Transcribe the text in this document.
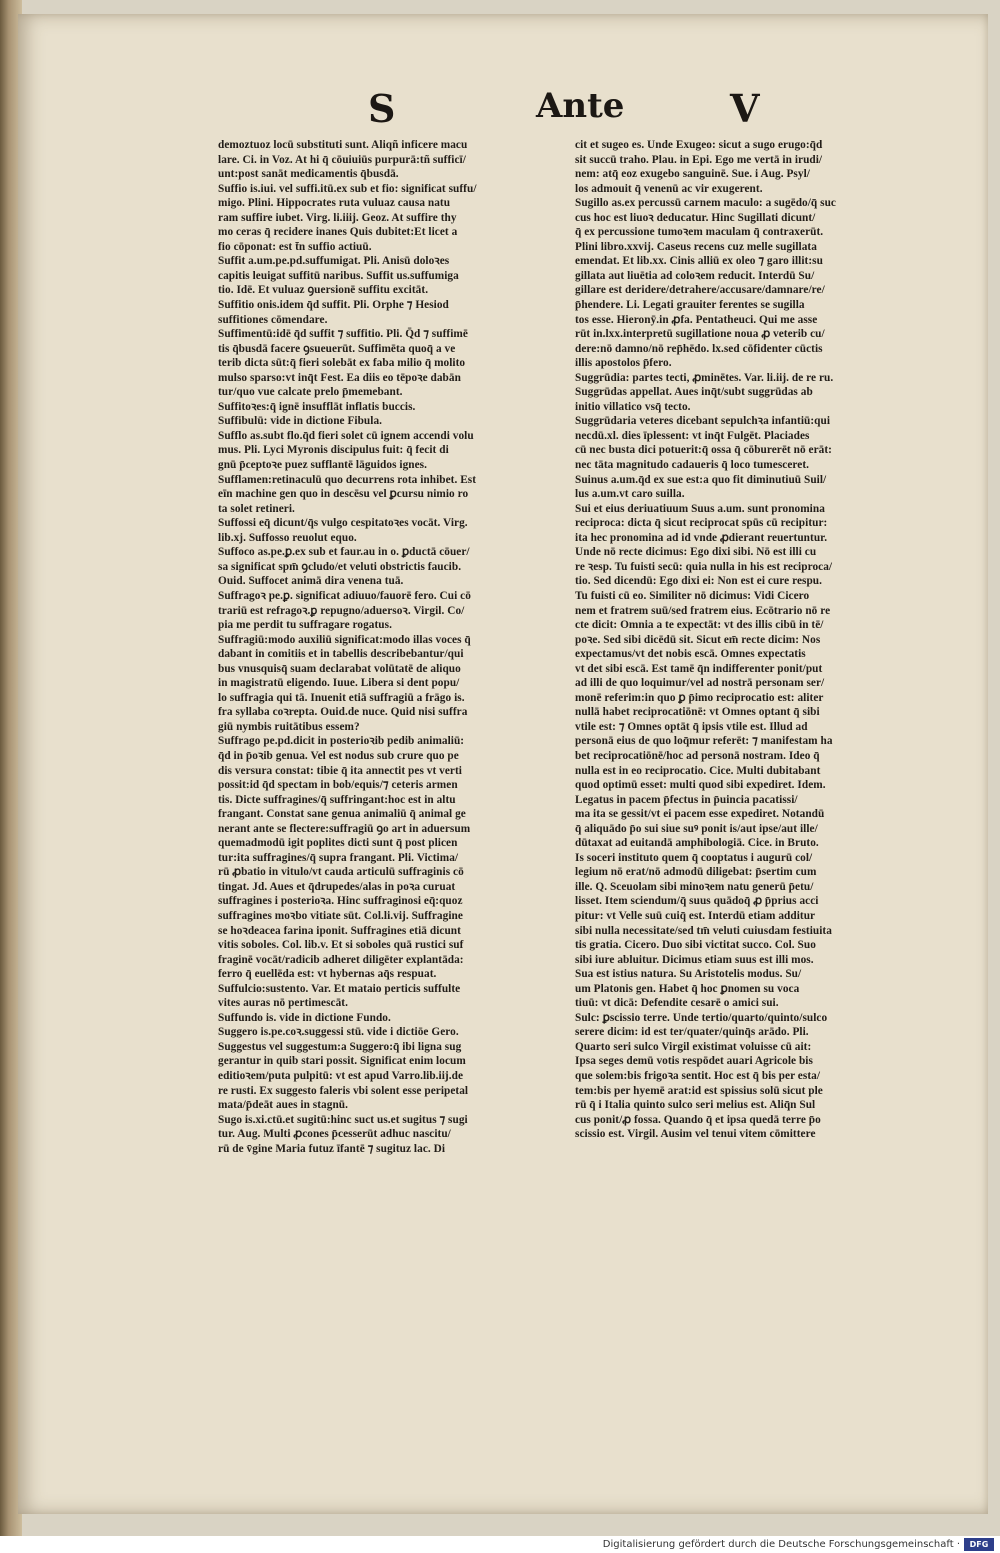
S	Ante	V
demoztuoz locū substituti sunt. Aliqñ inficere macu
lare. Ci. in Voz. At hi q̄ cōuiuiūs purpurā:tñ sufficī/
unt:post sanāt medicamentis q̄busdā.
Suffio is.iui. vel suffi.itū.ex sub et fio: significat suffu/
migo. Plini. Hippocrates ruta vuluaz causa natu
ram suffire iubet. Virg. li.iiij. Geoz. At suffire thy
mo ceras q̄ recidere inanes Quis dubitet:Et licet a
fio cōponat: est t̄n suffio actiuū.
Suffit a.um.pe.pd.suffumigat. Pli. Anisū doloꝛes
capitis leuigat suffitū naribus. Suffit us.suffumiga
tio. Idē. Et vuluaz ꝯuersionē suffitu excitāt.
Suffitio onis.idem q̄d suffit. Pli. Orphe ⁊ Hesiod
suffitiones cōmendare.
Suffimentū:idē q̄d suffit ⁊ suffitio. Pli. Q̄d ⁊ suffimē
tis q̄busdā facere ꝯsueuerūt. Suffimēta quoq̄ a ve
terib dicta sūt:q̄ fieri solebāt ex faba milio q̄ molito
mulso sparso:vt inq̄t Fest. Ea diis eo tēpoꝛe dabān
tur/quo vue calcate prelo p̄memebant.
Suffitoꝛes:q̄ ignē insufflāt inflatis buccis.
Suffibulū: vide in dictione Fibula.
Sufflo as.subt flo.q̄d fieri solet cū ignem accendi volu
mus. Pli. Lyci Myronis discipulus fuit: q̄ fecit di
gnū p̄ceptoꝛe puez sufflantē lāguidos ignes.
Sufflamen:retinaculū quo decurrens rota inhibet. Est
eīn machine gen quo in descēsu vel ꝑcursu nimio ro
ta solet retineri.
Suffossi eq̄ dicunt/q̄s vulgo cespitatoꝛes vocāt. Virg.
lib.xj. Suffosso reuolut equo.
Suffoco as.pe.ꝑ.ex sub et faur.au in o. ꝑductā cōuer/
sa significat spm̄ ꝯcludo/et veluti obstrictis faucib.
Ouid. Suffocet animā dira venena tuā.
Suffragoꝛ pe.ꝑ. significat adiuuo/fauorē fero. Cui cō
trariū est refragoꝛ.ꝑ repugno/aduersoꝛ. Virgil. Co/
pia me perdit tu suffragare rogatus.
Suffragiū:modo auxiliū significat:modo illas voces q̄
dabant in comitiis et in tabellis describebantur/qui
bus vnusquisq̄ suam declarabat volūtatē de aliquo
in magistratū eligendo. Iuue. Libera si dent popu/
lo suffragia qui tā. Inuenit etiā suffragiū a frāgo is.
fra syllaba coꝛrepta. Ouid.de nuce. Quid nisi suffra
giū nymbis ruitātibus essem?
Suffrago pe.pd.dicit in posterioꝛib pedib animaliū:
q̄d in p̄oꝛib genua. Vel est nodus sub crure quo pe
dis versura constat: tibie q̄ ita annectit pes vt verti
possit:id q̄d spectam in bob/equis/⁊ ceteris armen
tis. Dicte suffragines/q̄ suffringant:hoc est in altu
frangant. Constat sane genua animaliū q̄ animal ge
nerant ante se flectere:suffragiū ꝯo art in aduersum
quemadmodū igit poplites dicti sunt q̄ post plicen
tur:ita suffragines/q̄ supra frangant. Pli. Victima/
rū ꝓbatio in vitulo/vt cauda articulū suffraginis cō
tingat. Jd. Aues et q̄drupedes/alas in poꝛa curuat
suffragines i posterioꝛa. Hinc suffraginosi eq̄:quoz
suffragines moꝛbo vitiate sūt. Col.li.vij. Suffragine
se hoꝛdeacea farina iponit. Suffragines etiā dicunt
vitis soboles. Col. lib.v. Et si soboles quā rustici suf
fraginē vocāt/radicib adheret diligēter explantāda:
ferro q̄ euellēda est: vt hybernas aq̄s respuat.
Suffulcio:sustento. Var. Et mataio perticis suffulte
vites auras nō pertimescāt.
Suffundo is. vide in dictione Fundo.
Suggero is.pe.coꝛ.suggessi stū. vide i dictiōe Gero.
Suggestus vel suggestum:a Suggero:q̄ ibi ligna sug
gerantur in quib stari possit. Significat enim locum
editioꝛem/puta pulpitū: vt est apud Varro.lib.iij.de
re rusti. Ex suggesto faleris vbi solent esse peripetal
mata/p̄deāt aues in stagnū.
Sugo is.xi.ctū.et sugitū:hinc suct us.et sugitus ⁊ sugi
tur. Aug. Multi ꝓcones p̄cesserūt adhuc nascitu/
rū de v̄gine Maria futuz īfantē ⁊ sugituz lac. Di
cit et sugeo es. Unde Exugeo: sicut a sugo erugo:q̄d
sit succū traho. Plau. in Epi. Ego me vertā in irudi/
nem: atq̄ eoz exugebo sanguinē. Sue. i Aug. Psyl/
los admouit q̄ venenū ac vir exugerent.
Sugillo as.ex percussū carnem maculo: a sugēdo/q̄ suc
cus hoc est liuoꝛ deducatur. Hinc Sugillati dicunt/
q̄ ex percussione tumoꝛem maculam q̄ contraxerūt.
Plini libro.xxvij. Caseus recens cuz melle sugillata
emendat. Et lib.xx. Cinis alliū ex oleo ⁊ garo illit:su
gillata aut liuētia ad coloꝛem reducit. Interdū Su/
gillare est deridere/detrahere/accusare/damnare/re/
p̄hendere. Li. Legati grauiter ferentes se sugilla
tos esse. Hieronȳ.in ꝓfa. Pentatheuci. Qui me asse
rūt in.lxx.interpretū sugillatione noua ꝓ veterib cu/
dere:nō damno/nō rep̄hēdo. lx.sed cōfidenter cūctis
illis apostolos p̄fero.
Suggrūdia: partes tecti, ꝓminētes. Var. li.iij. de re ru.
Suggrūdas appellat. Aues inq̄t/subt suggrūdas ab
initio villatico vsq̄ tecto.
Suggrūdaria veteres dicebant sepulchꝛa infantiū:qui
necdū.xl. dies īplessent: vt inq̄t Fulgēt. Placiades
cū nec busta dici potuerit:q̄ ossa q̄ cōburerēt nō erāt:
nec tāta magnitudo cadaueris q̄ loco tumesceret.
Suinus a.um.q̄d ex sue est:a quo fit diminutiuū Suil/
lus a.um.vt caro suilla.
Sui et eius deriuatiuum Suus a.um. sunt pronomina
reciproca: dicta q̄ sicut reciprocat spūs cū recipitur:
ita hec pronomina ad id vnde ꝓdierant reuertuntur.
Unde nō recte dicimus: Ego dixi sibi. Nō est illi cu
re ꝛesp. Tu fuisti secū: quia nulla in his est reciproca/
tio. Sed dicendū: Ego dixi ei: Non est ei cure respu.
Tu fuisti cū eo. Similiter nō dicimus: Vidi Cicero
nem et fratrem suū/sed fratrem eius. Ecōtrario nō re
cte dicit: Omnia a te expectāt: vt des illis cibū in tē/
poꝛe. Sed sibi dicēdū sit. Sicut em̄ recte dicim: Nos
expectamus/vt det nobis escā. Omnes expectatis
vt det sibi escā. Est tamē q̄n indifferenter ponit/put
ad illi de quo loquimur/vel ad nostrā personam ser/
monē referim:in quo ꝑ p̄imo reciprocatio est: aliter
nullā habet reciprocatiōnē: vt Omnes optant q̄ sibi
vtile est: ⁊ Omnes optāt q̄ ipsis vtile est. Illud ad
personā eius de quo loq̄mur referēt: ⁊ manifestam ha
bet reciprocatiōnē/hoc ad personā nostram. Ideo q̄
nulla est in eo reciprocatio. Cice. Multi dubitabant
quod optimū esset: multi quod sibi expediret. Idem.
Legatus in pacem p̄fectus in p̄uincia pacatissi/
ma ita se gessit/vt ei pacem esse expediret. Notandū
q̄ aliquādo p̄o sui siue suꝰ ponit is/aut ipse/aut ille/
dūtaxat ad euitandā amphibologiā. Cice. in Bruto.
Is soceri instituto quem q̄ cooptatus i augurū col/
legium nō erat/nō admodū diligebat: p̄sertim cum
ille. Q. Sceuolam sibi minoꝛem natu generū p̄etu/
lisset. Item sciendum/q̄ suus quādoq̄ ꝓ p̄prius acci
pitur: vt Velle suū cuiq̄ est. Interdū etiam additur
sibi nulla necessitate/sed tm̄ veluti cuiusdam festiuita
tis gratia. Cicero. Duo sibi victitat succo. Col. Suo
sibi iure abluitur. Dicimus etiam suus est illi mos.
Sua est istius natura. Su Aristotelis modus. Su/
um Platonis gen. Habet q̄ hoc ꝑnomen su voca
tiuū: vt dicā: Defendite cesarē o amici sui.
Sulc: ꝑscissio terre. Unde tertio/quarto/quinto/sulco
serere dicim: id est ter/quater/quinq̄s arādo. Pli.
Quarto seri sulco Virgil existimat voluisse cū ait:
Ipsa seges demū votis respōdet auari Agricole bis
que solem:bis frigoꝛa sentit. Hoc est q̄ bis per esta/
tem:bis per hyemē arat:id est spissius solū sicut ple
rū q̄ i Italia quinto sulco seri melius est. Aliq̄n Sul
cus ponit/ꝓ fossa. Quando q̄ et ipsa quedā terre p̄o
scissio est. Virgil. Ausim vel tenui vitem cōmittere
Digitalisierung gefördert durch die Deutsche Forschungsgemeinschaft ·	DFG
